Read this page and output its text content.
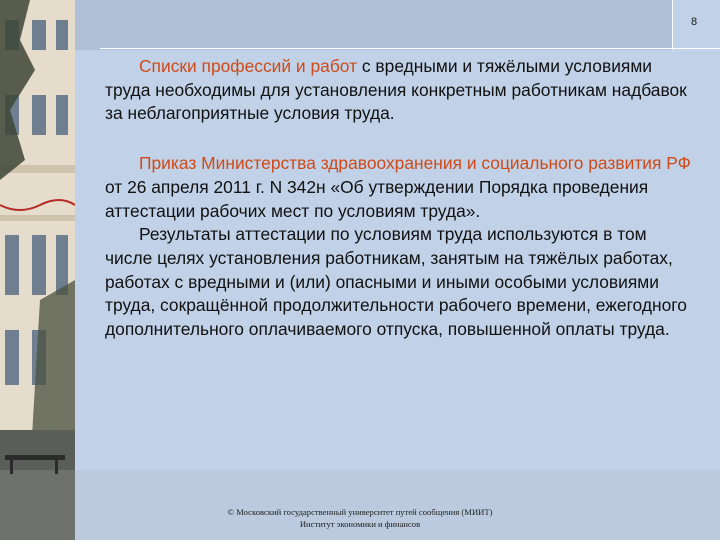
8

Списки профессий и работ с вредными и тяжёлыми условиями труда необходимы для установления конкретным работникам надбавок за неблагоприятные условия труда.

Приказ Министерства здравоохранения и социального развития РФ от 26 апреля 2011 г. N 342н «Об утверждении Порядка проведения аттестации рабочих мест по условиям труда».

Результаты аттестации по условиям труда используются в том числе целях установления работникам, занятым на тяжёлых работах, работах с вредными и (или) опасными и иными особыми условиями труда, сокращённой продолжительности рабочего времени, ежегодного дополнительного оплачиваемого отпуска, повышенной оплаты труда.

© Московский государственный университет путей сообщения (МИИТ)
Институт экономики и финансов
